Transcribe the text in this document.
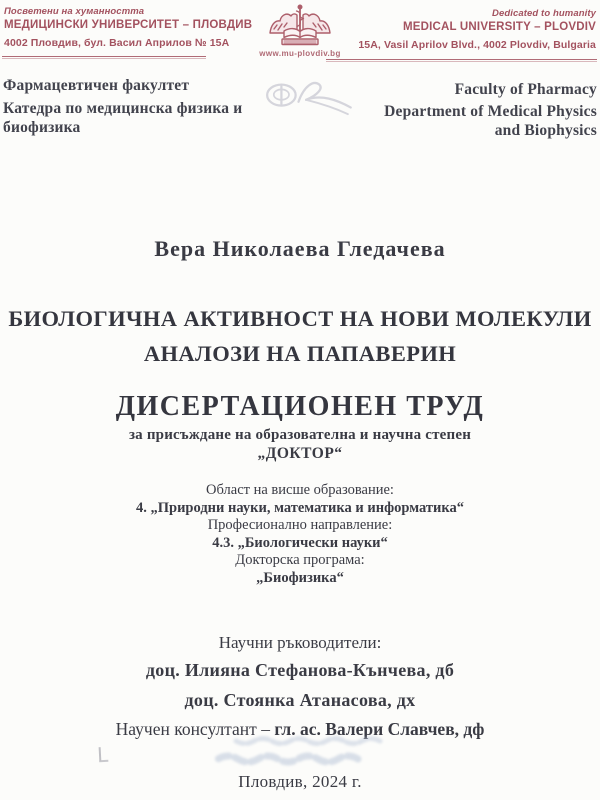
Посветени на хуманността
МЕДИЦИНСКИ УНИВЕРСИТЕТ – ПЛОВДИВ
4002 Пловдив, бул. Васил Априлов № 15А
Dedicated to humanity
MEDICAL UNIVERSITY – PLOVDIV
15A, Vasil Aprilov Blvd., 4002 Plovdiv, Bulgaria
www.mu-plovdiv.bg
Фармацевтичен факултет
Катедра по медицинска физика и биофизика
Faculty of Pharmacy
Department of Medical Physics and Biophysics
Вера Николаева Гледачева
БИОЛОГИЧНА АКТИВНОСТ НА НОВИ МОЛЕКУЛИ
АНАЛОЗИ НА ПАПАВЕРИН
ДИСЕРТАЦИОНЕН ТРУД
за присъждане на образователна и научна степен
„ДОКТОР“
Област на висше образование:
4. „Природни науки, математика и информатика“
Професионално направление:
4.3. „Биологически науки“
Докторска програма:
„Биофизика“
Научни ръководители:
доц. Илияна Стефанова-Кънчева, дб
доц. Стоянка Атанасова, дх
Научен консултант – гл. ас. Валери Славчев, дф
Пловдив, 2024 г.
